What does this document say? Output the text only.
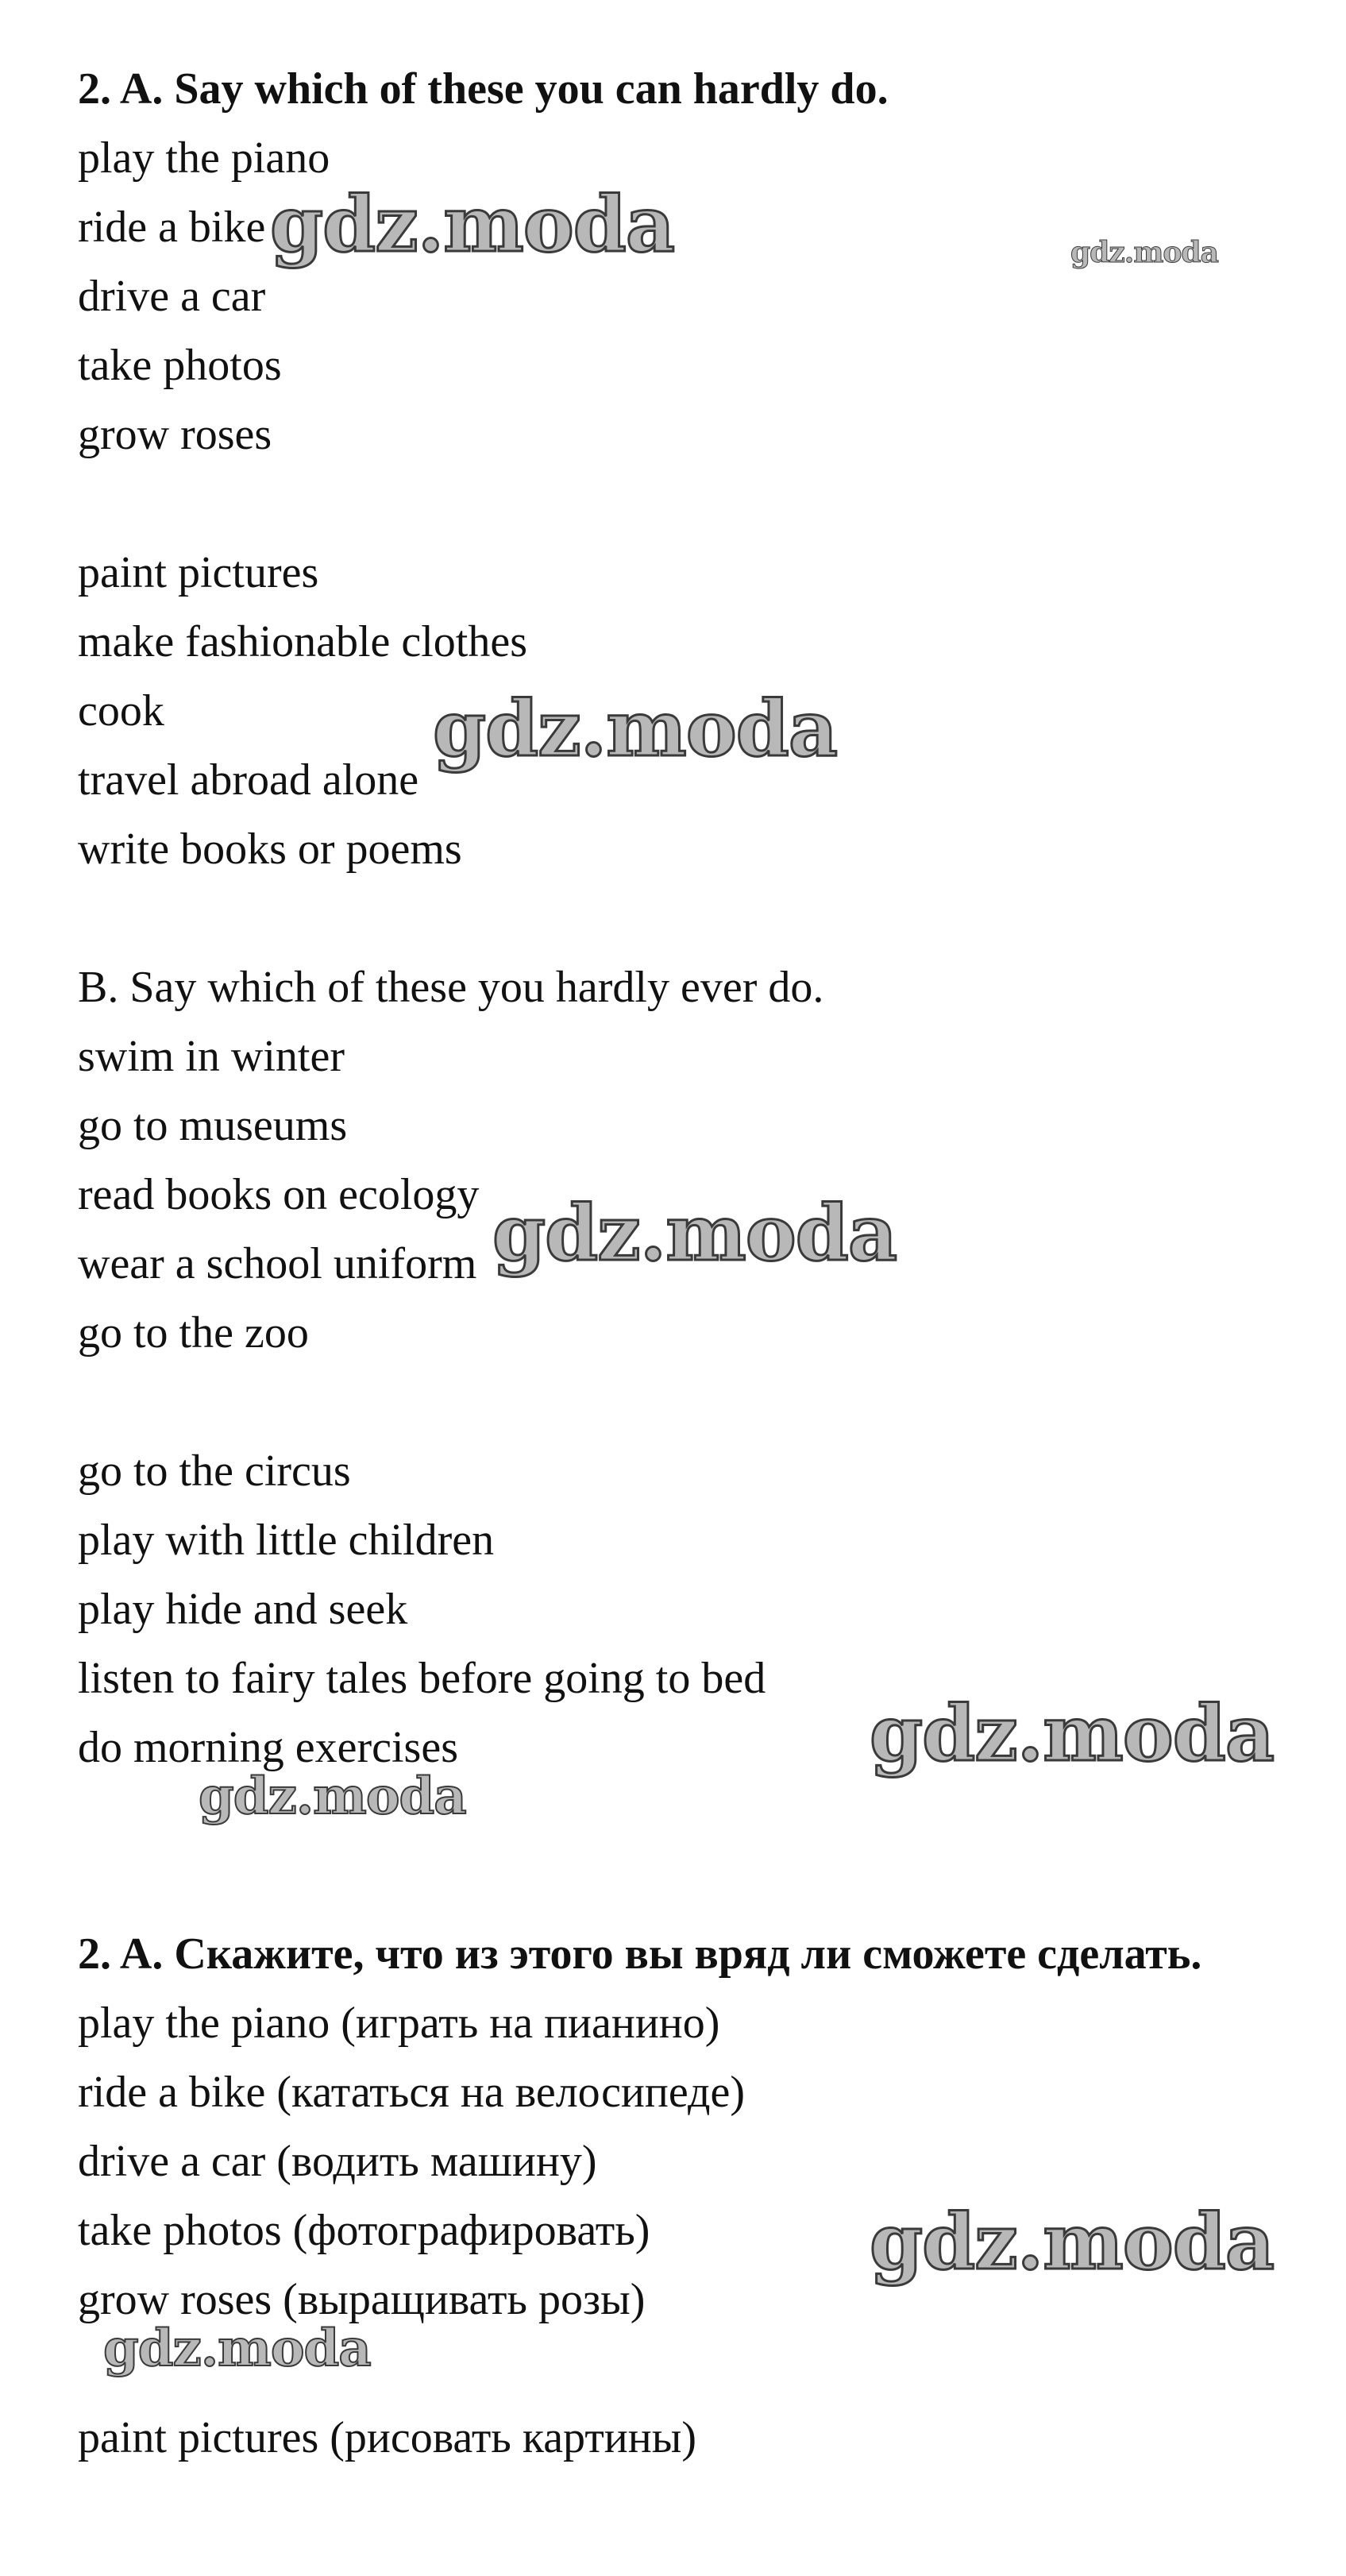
2. A. Say which of these you can hardly do.
play the piano
ride a bike
drive a car
take photos
grow roses
paint pictures
make fashionable clothes
cook
travel abroad alone
write books or poems
B. Say which of these you hardly ever do.
swim in winter
go to museums
read books on ecology
wear a school uniform
go to the zoo
go to the circus
play with little children
play hide and seek
listen to fairy tales before going to bed
do morning exercises
2. A. Скажите, что из этого вы вряд ли сможете сделать.
play the piano (играть на пианино)
ride a bike (кататься на велосипеде)
drive a car (водить машину)
take photos (фотографировать)
grow roses (выращивать розы)
paint pictures (рисовать картины)
gdz.moda	gdz.moda
gdz.moda
gdz.moda
gdz.moda
gdz.moda
gdz.moda
gdz.moda
